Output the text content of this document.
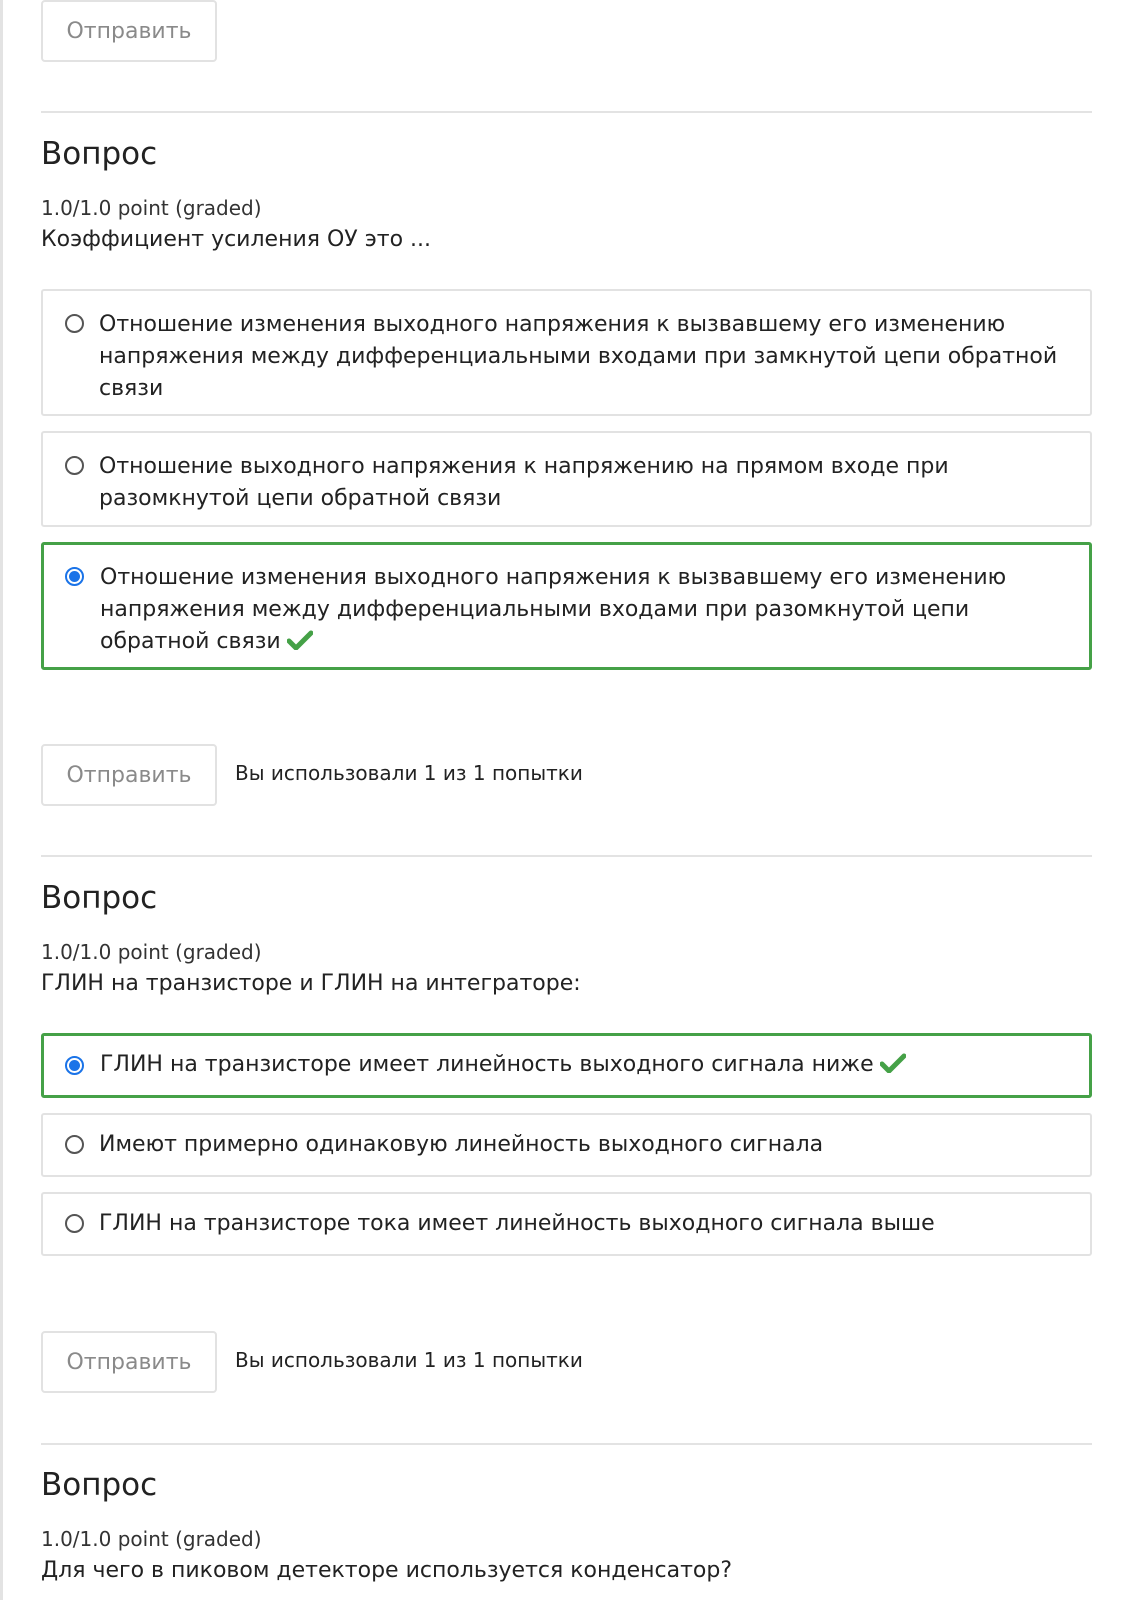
Отправить
Вопрос
1.0/1.0 point (graded)
Коэффициент усиления ОУ это ...
Отношение изменения выходного напряжения к вызвавшему его изменению напряжения между дифференциальными входами при замкнутой цепи обратной связи
Отношение выходного напряжения к напряжению на прямом входе при разомкнутой цепи обратной связи
Отношение изменения выходного напряжения к вызвавшему его изменению напряжения между дифференциальными входами при разомкнутой цепи обратной связи
Отправить	Вы использовали 1 из 1 попытки
Вопрос
1.0/1.0 point (graded)
ГЛИН на транзисторе и ГЛИН на интеграторе:
ГЛИН на транзисторе имеет линейность выходного сигнала ниже
Имеют примерно одинаковую линейность выходного сигнала
ГЛИН на транзисторе тока имеет линейность выходного сигнала выше
Отправить	Вы использовали 1 из 1 попытки
Вопрос
1.0/1.0 point (graded)
Для чего в пиковом детекторе используется конденсатор?
